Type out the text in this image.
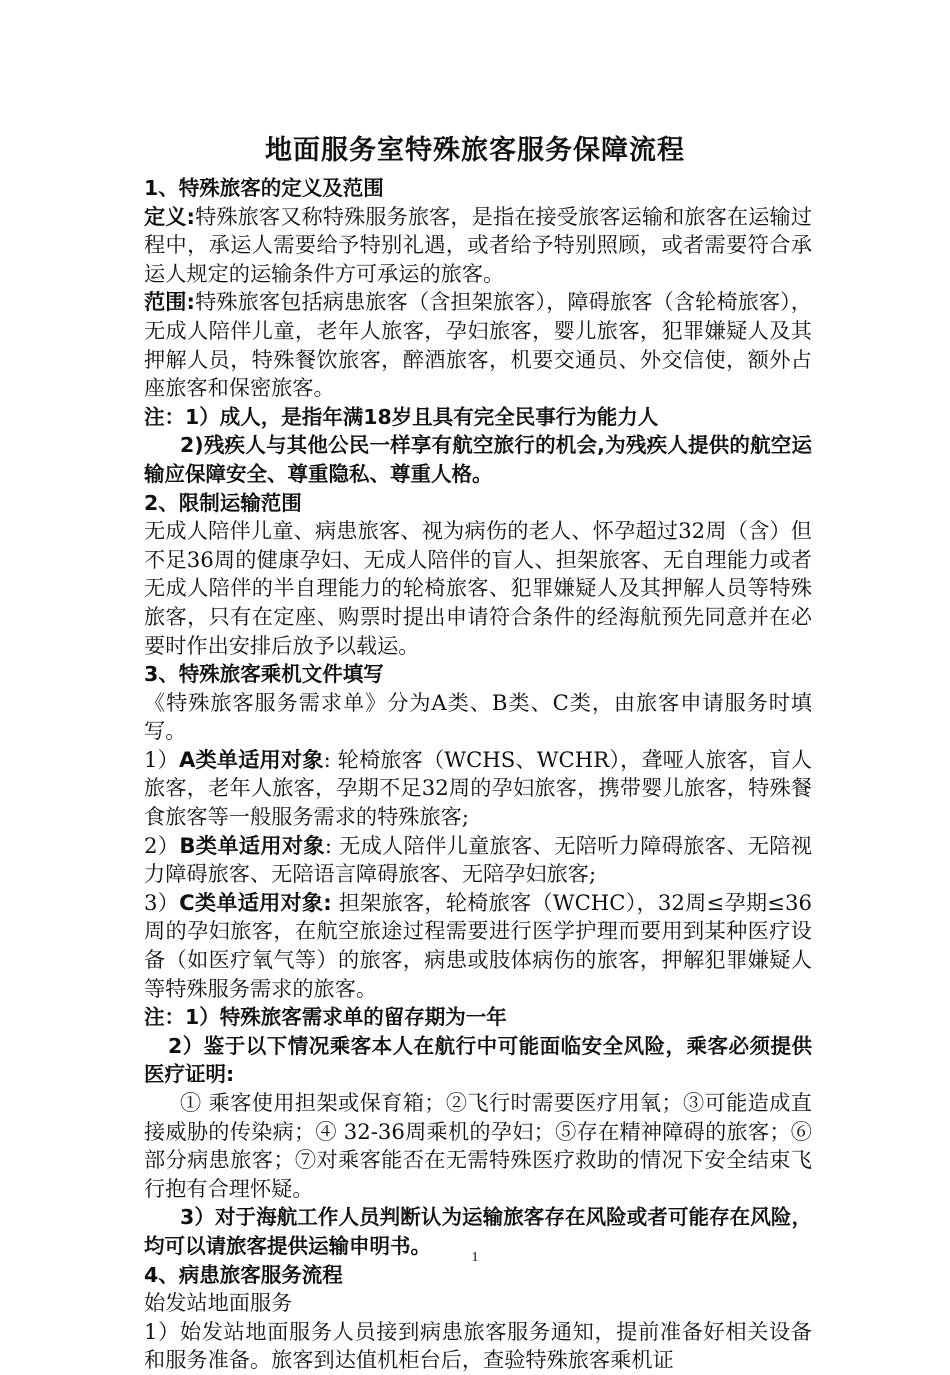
地面服务室特殊旅客服务保障流程

1、特殊旅客的定义及范围

定义:特殊旅客又称特殊服务旅客，是指在接受旅客运输和旅客在运输过程中，承运人需要给予特别礼遇，或者给予特别照顾，或者需要符合承运人规定的运输条件方可承运的旅客。

范围:特殊旅客包括病患旅客（含担架旅客），障碍旅客（含轮椅旅客），无成人陪伴儿童，老年人旅客，孕妇旅客，婴儿旅客，犯罪嫌疑人及其押解人员，特殊餐饮旅客，醉酒旅客，机要交通员、外交信使，额外占座旅客和保密旅客。

注：1）成人，是指年满18岁且具有完全民事行为能力人

2)残疾人与其他公民一样享有航空旅行的机会,为残疾人提供的航空运输应保障安全、尊重隐私、尊重人格。

2、限制运输范围

无成人陪伴儿童、病患旅客、视为病伤的老人、怀孕超过32周（含）但不足36周的健康孕妇、无成人陪伴的盲人、担架旅客、无自理能力或者无成人陪伴的半自理能力的轮椅旅客、犯罪嫌疑人及其押解人员等特殊旅客，只有在定座、购票时提出申请符合条件的经海航预先同意并在必要时作出安排后放予以载运。

3、特殊旅客乘机文件填写

《特殊旅客服务需求单》分为A类、B类、C类，由旅客申请服务时填写。

1）A类单适用对象: 轮椅旅客（WCHS、WCHR），聋哑人旅客，盲人旅客，老年人旅客，孕期不足32周的孕妇旅客，携带婴儿旅客，特殊餐食旅客等一般服务需求的特殊旅客;

2）B类单适用对象: 无成人陪伴儿童旅客、无陪听力障碍旅客、无陪视力障碍旅客、无陪语言障碍旅客、无陪孕妇旅客;

3）C类单适用对象: 担架旅客，轮椅旅客（WCHC），32周≤孕期≤36周的孕妇旅客，在航空旅途过程需要进行医学护理而要用到某种医疗设备（如医疗氧气等）的旅客，病患或肢体病伤的旅客，押解犯罪嫌疑人等特殊服务需求的旅客。

注：1）特殊旅客需求单的留存期为一年

2）鉴于以下情况乘客本人在航行中可能面临安全风险，乘客必须提供医疗证明:

① 乘客使用担架或保育箱；②飞行时需要医疗用氧；③可能造成直接威胁的传染病；④ 32-36周乘机的孕妇；⑤存在精神障碍的旅客；⑥部分病患旅客；⑦对乘客能否在无需特殊医疗救助的情况下安全结束飞行抱有合理怀疑。

3）对于海航工作人员判断认为运输旅客存在风险或者可能存在风险，均可以请旅客提供运输申明书。

4、病患旅客服务流程

始发站地面服务

1）始发站地面服务人员接到病患旅客服务通知，提前准备好相关设备和服务准备。旅客到达值机柜台后，查验特殊旅客乘机证

1
